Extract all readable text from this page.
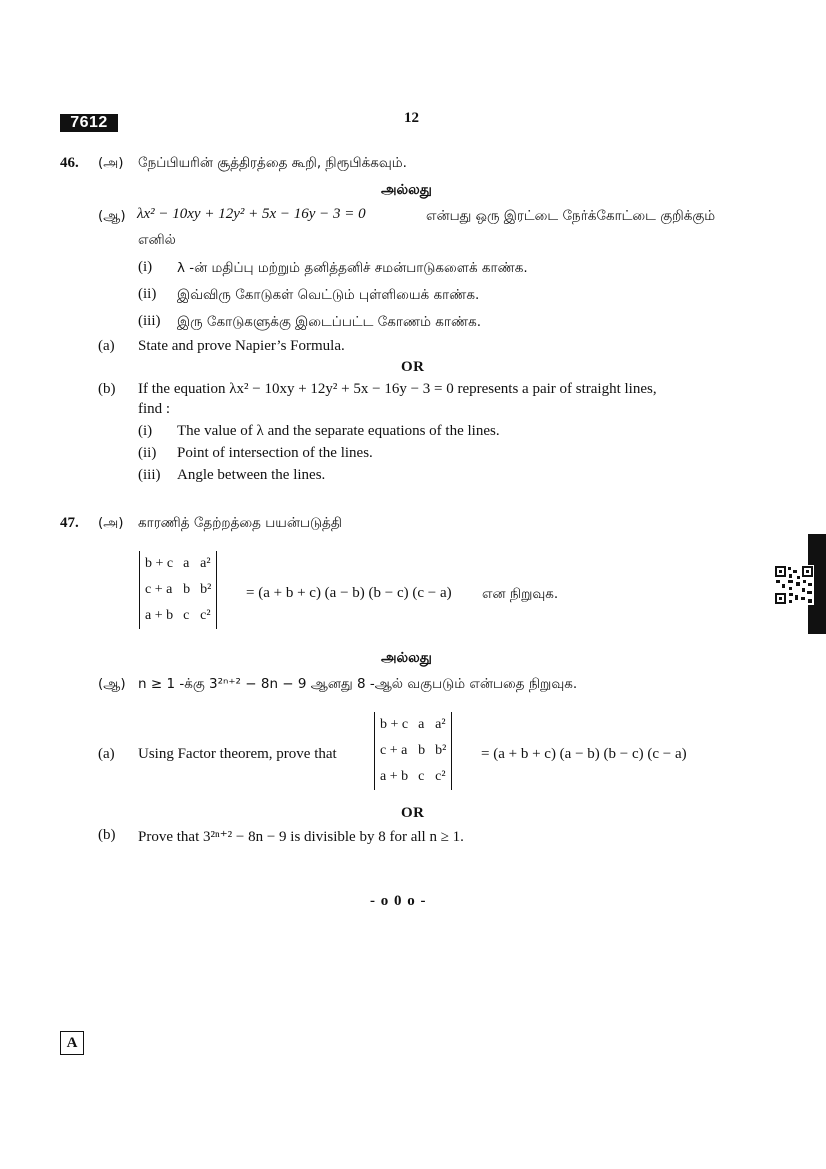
7612	12
46. (அ) நேப்பியரின் சூத்திரத்தை கூறி, நிரூபிக்கவும்.
அல்லது
(ஆ) λx² − 10xy + 12y² + 5x − 16y − 3 = 0	என்பது ஒரு இரட்டை நேர்க்கோட்டை குறிக்கும்
எனில்
(i) λ -ன் மதிப்பு மற்றும் தனித்தனிச் சமன்பாடுகளைக் காண்க.
(ii) இவ்விரு கோடுகள் வெட்டும் புள்ளியைக் காண்க.
(iii) இரு கோடுகளுக்கு இடைப்பட்ட கோணம் காண்க.
(a) State and prove Napier’s Formula.
OR
(b) If the equation λx² − 10xy + 12y² + 5x − 16y − 3 = 0 represents a pair of straight lines,
find :
(i) The value of λ and the separate equations of the lines.
(ii) Point of intersection of the lines.
(iii) Angle between the lines.
47. (அ) காரணித் தேற்றத்தை பயன்படுத்தி
b + c	a	a²
c + a	b	b²
a + b	c	c²
= (a + b + c) (a − b) (b − c) (c − a) என நிறுவுக.
அல்லது
(ஆ) n ≥ 1 -க்கு 3²ⁿ⁺² − 8n − 9 ஆனது 8 -ஆல் வகுபடும் என்பதை நிறுவுக.
(a) Using Factor theorem, prove that
b + c	a	a²
c + a	b	b²
a + b	c	c²
= (a + b + c) (a − b) (b − c) (c − a)
OR
(b) Prove that 3²ⁿ⁺² − 8n − 9 is divisible by 8 for all n ≥ 1.
- o 0 o -
A
